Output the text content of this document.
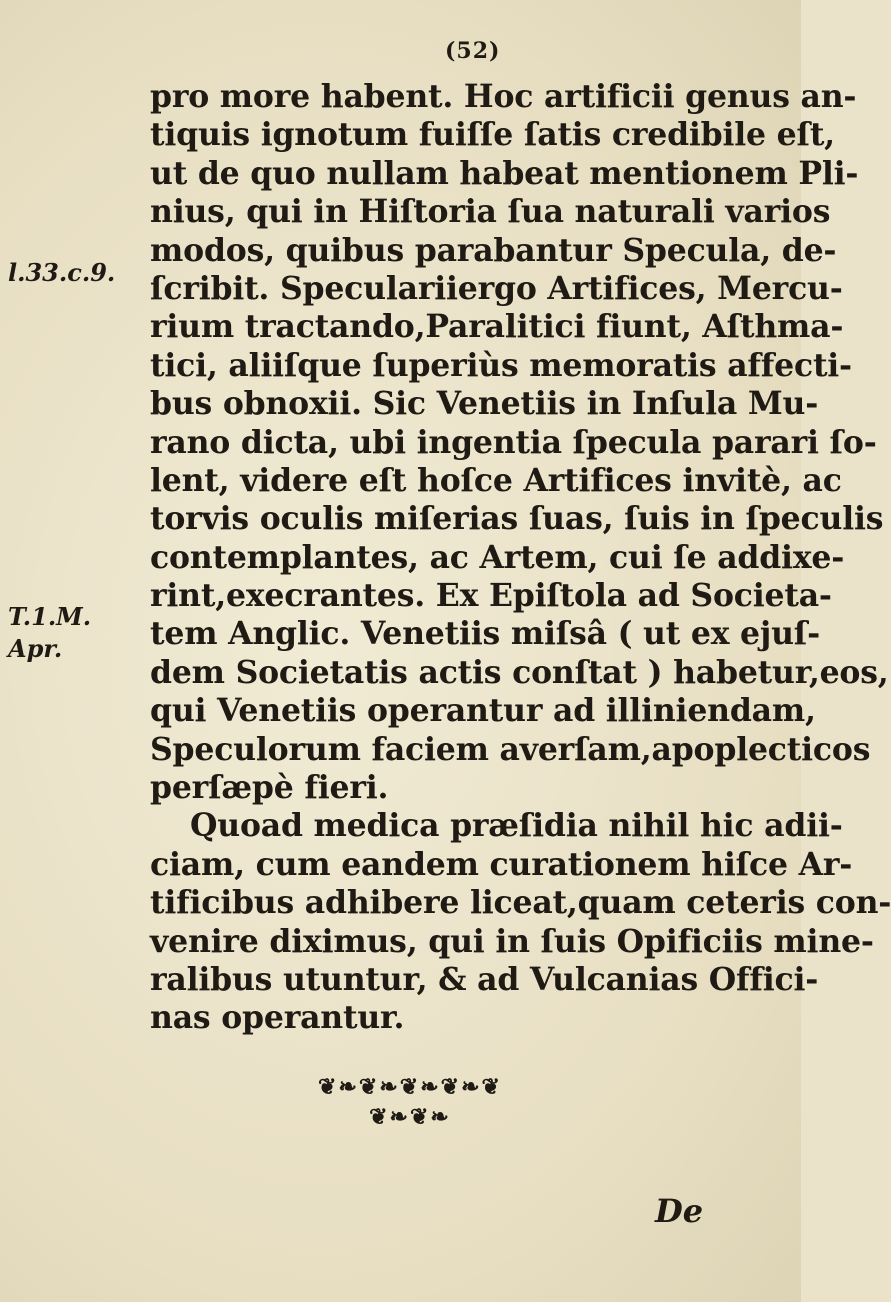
(52)
pro more habent. Hoc artificii genus an-
tiquis ignotum fuiſſe ſatis credibile eſt,
ut de quo nullam habeat mentionem Pli-
nius, qui in Hiſtoria ſua naturali varios
modos, quibus parabantur Specula, de-
ſcribit. Speculariiergo Artifices, Mercu-
rium tractando,Paralitici fiunt, Aſthma-
tici, aliiſque ſuperiùs memoratis affecti-
bus obnoxii. Sic Venetiis in Inſula Mu-
rano dicta, ubi ingentia ſpecula parari ſo-
lent, videre eſt hoſce Artifices invitè, ac
torvis oculis miſerias ſuas, ſuis in ſpeculis
contemplantes, ac Artem, cui ſe addixe-
rint,execrantes. Ex Epiſtola ad Societa-
tem Anglic. Venetiis miſsâ ( ut ex ejuſ-
dem Societatis actis conſtat ) habetur,eos,
qui Venetiis operantur ad illiniendam,
Speculorum faciem averſam,apoplecticos
perſæpè fieri.
Quoad medica præſidia nihil hic adii-
ciam, cum eandem curationem hiſce Ar-
tificibus adhibere liceat,quam ceteris con-
venire diximus, qui in ſuis Opificiis mine-
ralibus utuntur, & ad Vulcanias Offici-
nas operantur.
l.33.c.9.
T.1.M.
Apr.
❦❧❦❧❦❧❦❧❦
❦❧❦❧
De
